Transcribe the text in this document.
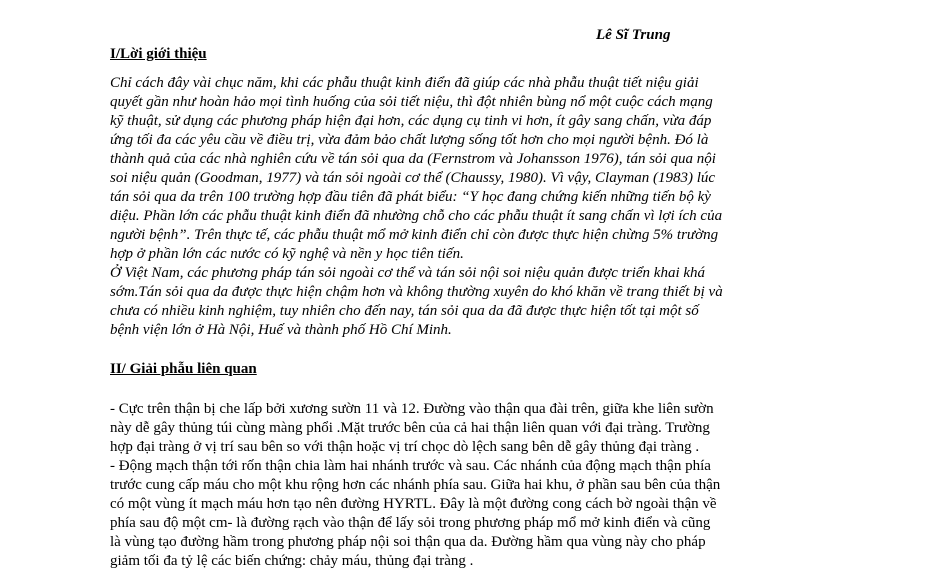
Lê Sĩ Trung
I/Lời giới thiệu
Chỉ cách đây vài chục năm, khi các phẫu thuật kinh điển đã giúp các nhà phẫu thuật tiết niệu giải
quyết gần như hoàn hảo mọi tình huống của sỏi tiết niệu, thì đột nhiên bùng nổ một cuộc cách mạng
kỹ thuật, sử dụng các phương pháp hiện đại hơn, các dụng cụ tinh vi hơn, ít gây sang chấn, vừa đáp
ứng tối đa các yêu cầu về điều trị, vừa đảm bảo chất lượng sống tốt hơn cho mọi người bệnh. Đó là
thành quả của các nhà nghiên cứu về tán sỏi qua da (Fernstrom và Johansson 1976), tán sỏi qua nội
soi niệu quản (Goodman, 1977) và tán sỏi ngoài cơ thể (Chaussy, 1980). Vì vậy, Clayman (1983) lúc
tán sỏi qua da trên 100 trường hợp đầu tiên đã phát biểu: “Y học đang chứng kiến những tiến bộ kỳ
diệu. Phần lớn các phẫu thuật kinh điển đã nhường chỗ cho các phẫu thuật ít sang chấn vì lợi ích của
người bệnh”. Trên thực tế, các phẫu thuật mổ mở kinh điển chỉ còn được thực hiện chừng 5% trường
hợp ở phần lớn các nước có kỹ nghệ và nền y học tiên tiến.
Ở Việt Nam, các phương pháp tán sỏi ngoài cơ thể và tán sỏi nội soi niệu quản được triển khai khá
sớm.Tán sỏi qua da được thực hiện chậm hơn và không thường xuyên do khó khăn về trang thiết bị và
chưa có nhiều kinh nghiệm, tuy nhiên cho đến nay, tán sỏi qua da đã được thực hiện tốt tại một số
bệnh viện lớn ở Hà Nội, Huế và thành phố Hồ Chí Minh.
II/ Giải phẫu liên quan
- Cực trên thận bị che lấp bởi xương sườn 11 và 12. Đường vào thận qua đài trên, giữa khe liên sườn
này dễ gây thủng túi cùng màng phổi .Mặt trước bên của cả hai thận liên quan với đại tràng. Trường
hợp đại tràng ở vị trí sau bên so với thận hoặc vị trí chọc dò lệch sang bên dễ gây thủng đại tràng .
- Động mạch thận tới rốn thận chia làm hai nhánh trước và sau. Các nhánh của động mạch thận phía
trước cung cấp máu cho một khu rộng hơn các nhánh phía sau. Giữa hai khu, ở phần sau bên của thận
có một vùng ít mạch máu hơn tạo nên đường HYRTL. Đây là một đường cong cách bờ ngoài thận về
phía sau độ một cm- là đường rạch vào thận để lấy sỏi trong phương pháp mổ mở kinh điển và cũng
là vùng tạo đường hầm trong phương pháp nội soi thận qua da. Đường hầm qua vùng này cho pháp
giảm tối đa tỷ lệ các biến chứng: chảy máu, thủng đại tràng .
